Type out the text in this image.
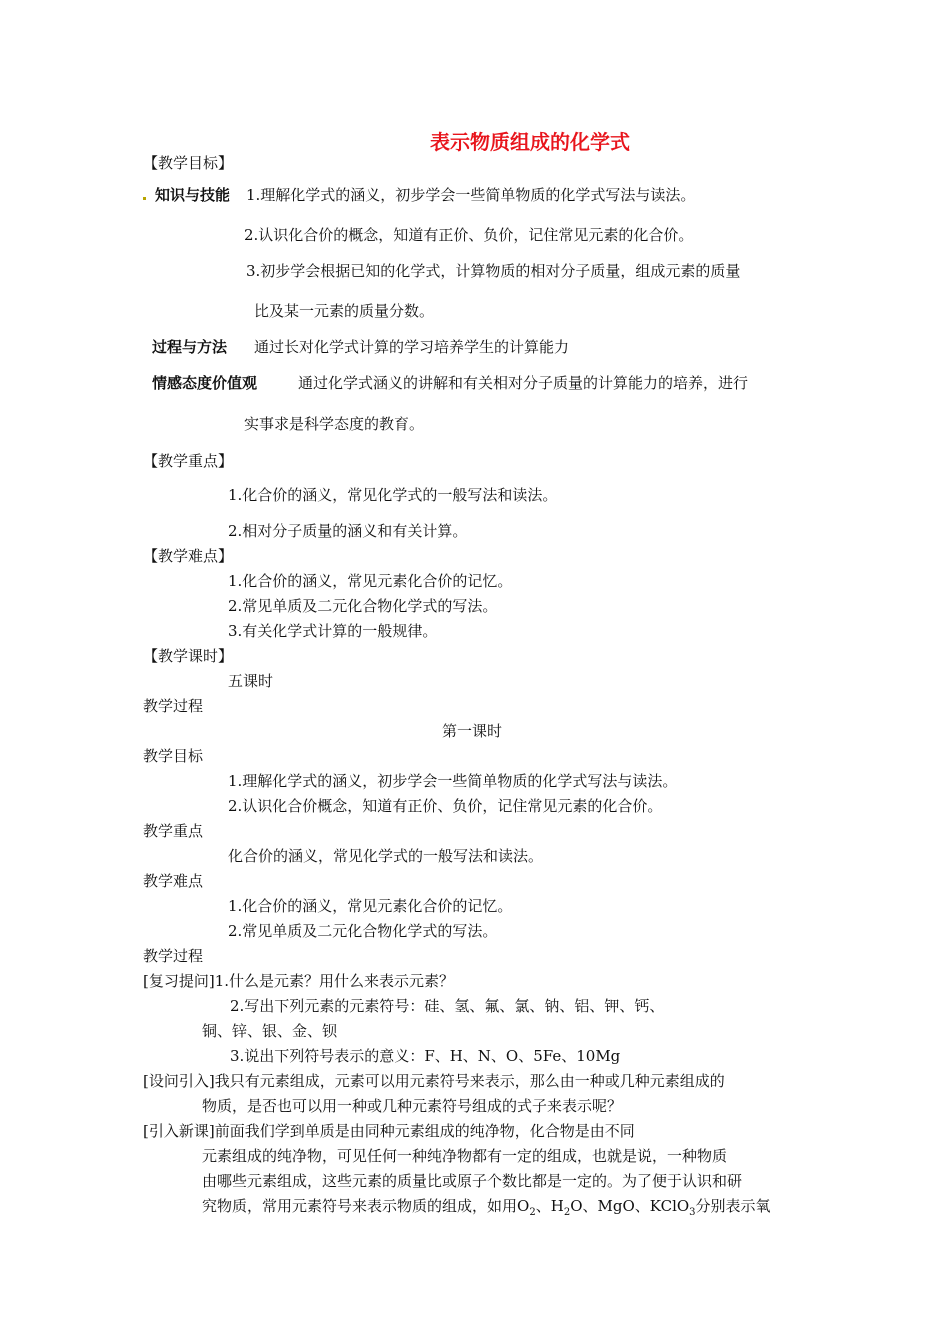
表示物质组成的化学式
【教学目标】
知识与技能 1.理解化学式的涵义，初步学会一些简单物质的化学式写法与读法。
2.认识化合价的概念，知道有正价、负价，记住常见元素的化合价。
3.初步学会根据已知的化学式，计算物质的相对分子质量，组成元素的质量
比及某一元素的质量分数。
过程与方法 通过长对化学式计算的学习培养学生的计算能力
情感态度价值观	通过化学式涵义的讲解和有关相对分子质量的计算能力的培养，进行
实事求是科学态度的教育。
【教学重点】
1.化合价的涵义，常见化学式的一般写法和读法。
2.相对分子质量的涵义和有关计算。
【教学难点】
1.化合价的涵义，常见元素化合价的记忆。
2.常见单质及二元化合物化学式的写法。
3.有关化学式计算的一般规律。
【教学课时】
五课时
教学过程
第一课时
教学目标
1.理解化学式的涵义，初步学会一些简单物质的化学式写法与读法。
2.认识化合价概念，知道有正价、负价，记住常见元素的化合价。
教学重点
化合价的涵义，常见化学式的一般写法和读法。
教学难点
1.化合价的涵义，常见元素化合价的记忆。
2.常见单质及二元化合物化学式的写法。
教学过程
[复习提问]1.什么是元素？用什么来表示元素？
2.写出下列元素的元素符号：硅、氢、氟、氯、钠、铝、钾、钙、
铜、锌、银、金、钡
3.说出下列符号表示的意义：F、H、N、O、5Fe、10Mg
[设问引入]我只有元素组成，元素可以用元素符号来表示，那么由一种或几种元素组成的
物质，是否也可以用一种或几种元素符号组成的式子来表示呢？
[引入新课]前面我们学到单质是由同种元素组成的纯净物，化合物是由不同
元素组成的纯净物，可见任何一种纯净物都有一定的组成，也就是说，一种物质
由哪些元素组成，这些元素的质量比或原子个数比都是一定的。为了便于认识和研
究物质，常用元素符号来表示物质的组成，如用$O_2$、$H_2O$、MgO、KClO$_3$分别表示氧
